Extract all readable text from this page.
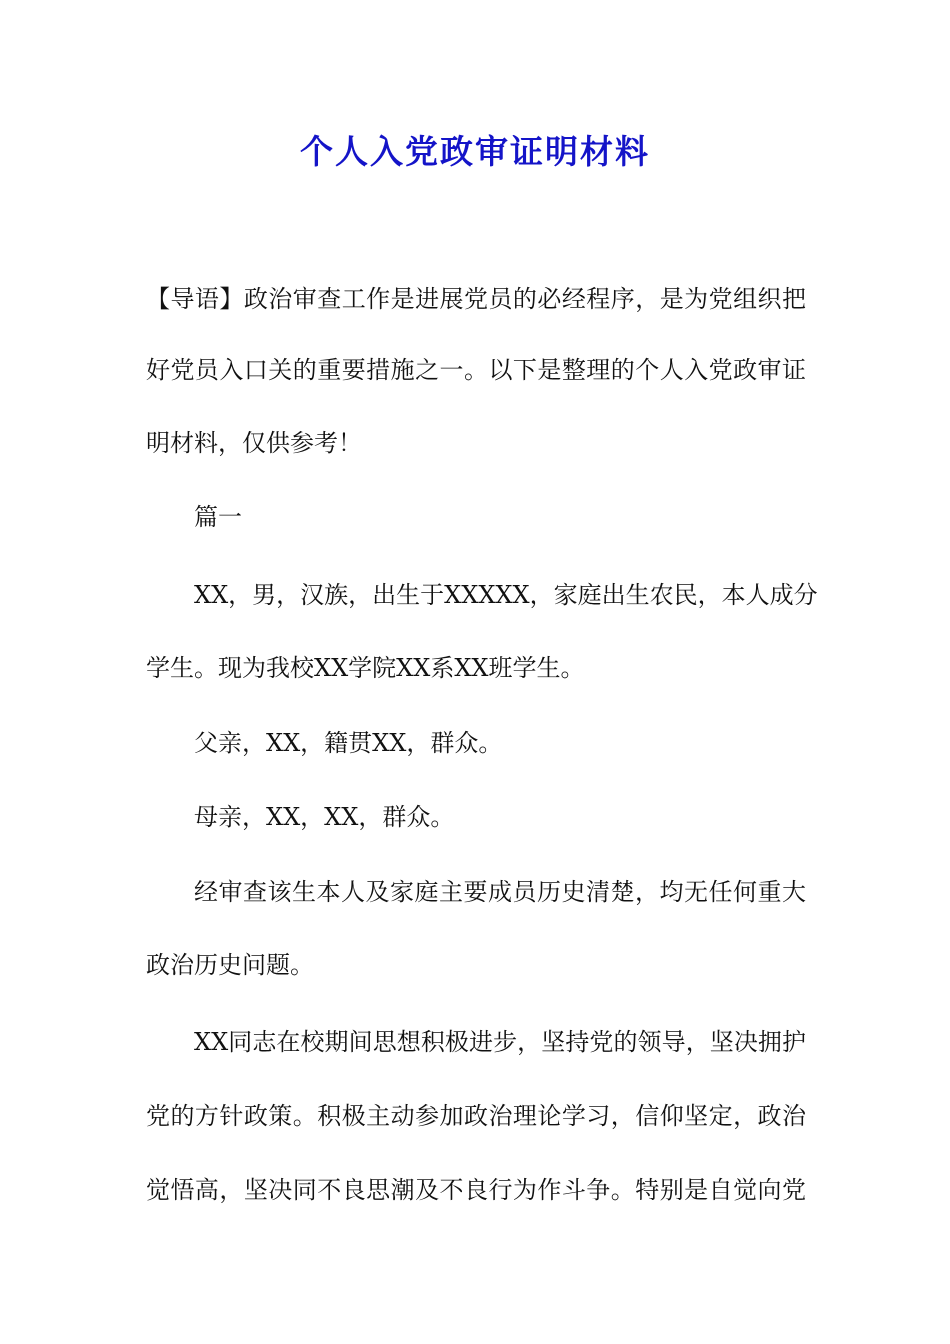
个人入党政审证明材料

【导语】政治审查工作是进展党员的必经程序，是为党组织把

好党员入口关的重要措施之一。以下是整理的个人入党政审证

明材料，仅供参考！

篇一

XX，男，汉族，出生于XXXXX，家庭出生农民，本人成分

学生。现为我校XX学院XX系XX班学生。

父亲，XX，籍贯XX，群众。

母亲，XX，XX，群众。

经审查该生本人及家庭主要成员历史清楚，均无任何重大

政治历史问题。

XX同志在校期间思想积极进步，坚持党的领导，坚决拥护

党的方针政策。积极主动参加政治理论学习，信仰坚定，政治

觉悟高，坚决同不良思潮及不良行为作斗争。特别是自觉向党
